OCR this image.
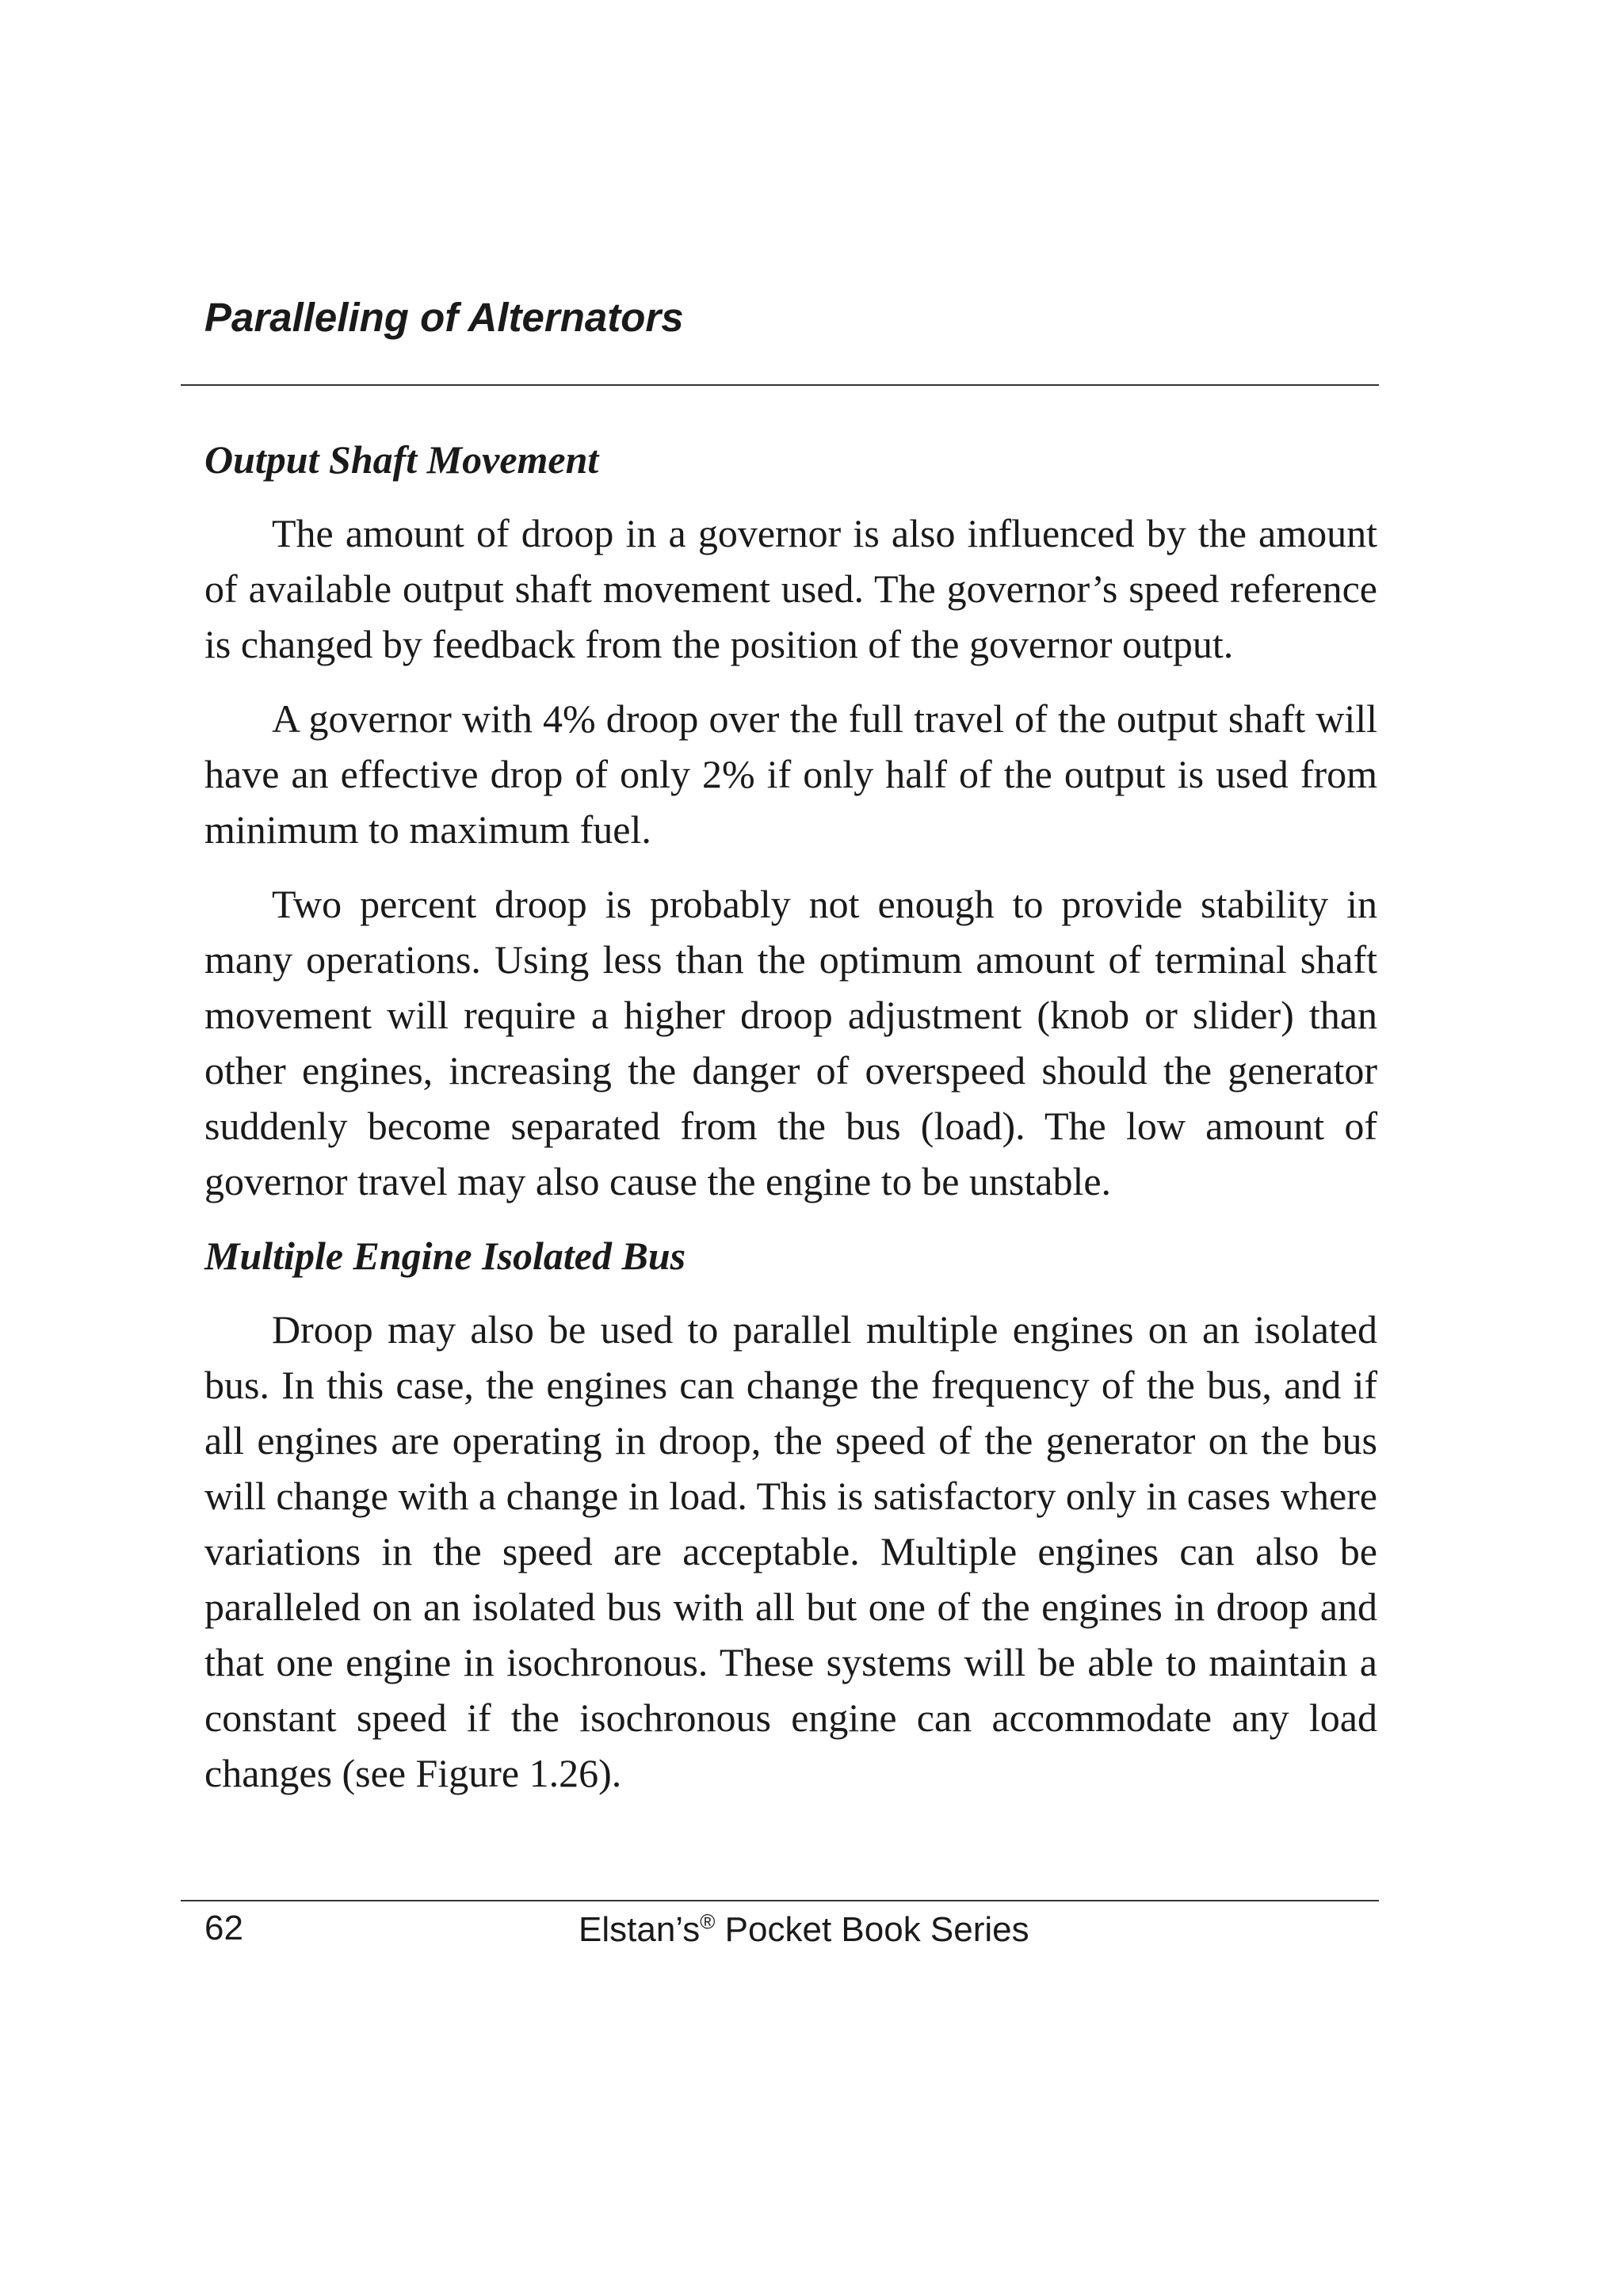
Paralleling of Alternators
Output Shaft Movement

The amount of droop in a governor is also influenced by the amount of available output shaft movement used. The governor’s speed reference is changed by feedback from the position of the governor output.

A governor with 4% droop over the full travel of the output shaft will have an effective drop of only 2% if only half of the output is used from minimum to maximum fuel.

Two percent droop is probably not enough to provide stability in many operations. Using less than the optimum amount of terminal shaft movement will require a higher droop adjustment (knob or slider) than other engines, increasing the danger of overspeed should the generator suddenly become separated from the bus (load). The low amount of governor travel may also cause the engine to be unstable.

Multiple Engine Isolated Bus

Droop may also be used to parallel multiple engines on an isolated bus. In this case, the engines can change the frequency of the bus, and if all engines are operating in droop, the speed of the generator on the bus will change with a change in load. This is satisfactory only in cases where variations in the speed are acceptable. Multiple engines can also be paralleled on an isolated bus with all but one of the engines in droop and that one engine in isochronous. These systems will be able to maintain a constant speed if the isochronous engine can accommodate any load changes (see Figure 1.26).

62	Elstan’s® Pocket Book Series
